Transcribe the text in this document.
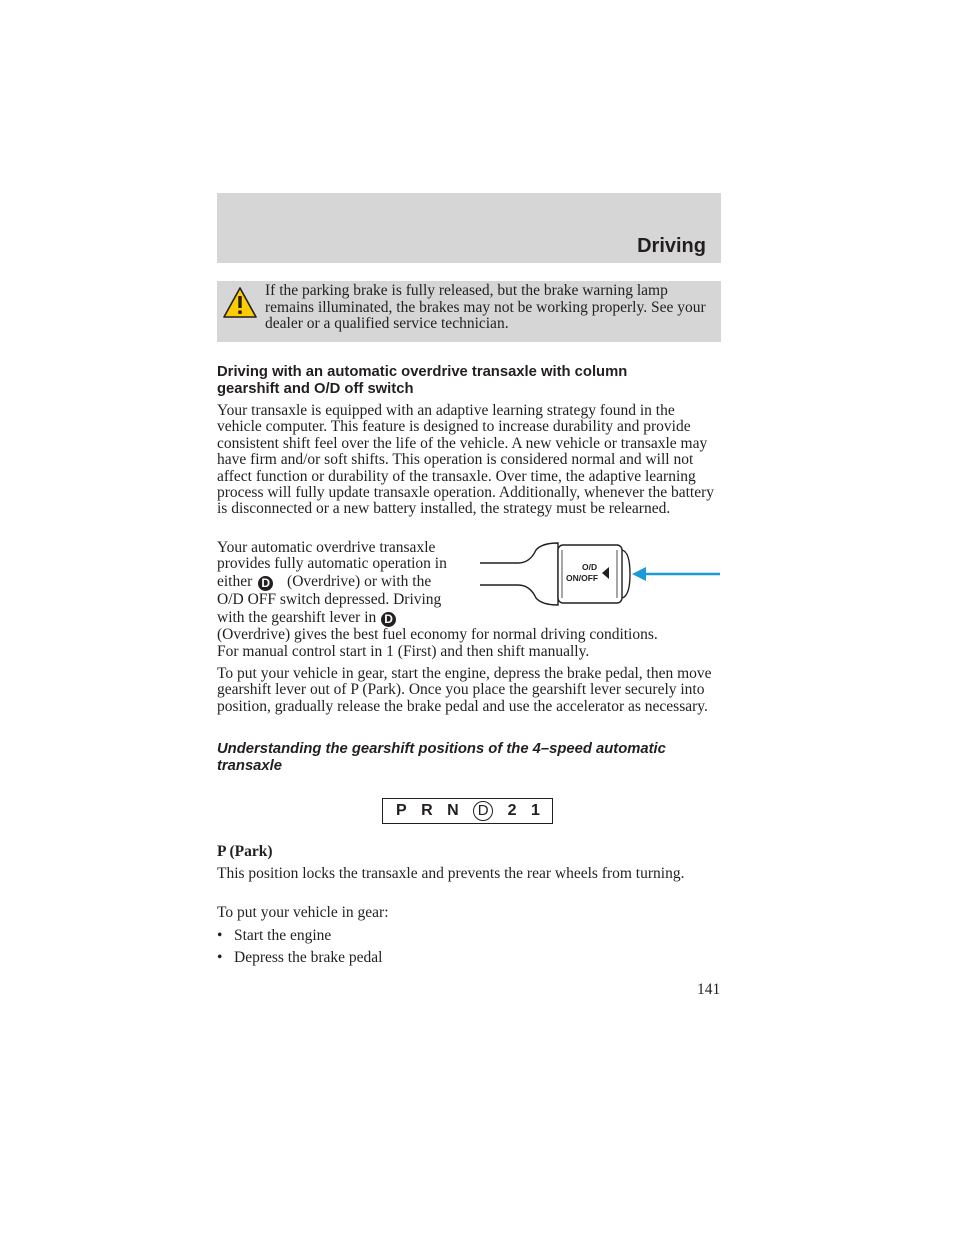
Driving
If the parking brake is fully released, but the brake warning lamp remains illuminated, the brakes may not be working properly. See your dealer or a qualified service technician.
Driving with an automatic overdrive transaxle with column
gearshift and O/D off switch
Your transaxle is equipped with an adaptive learning strategy found in the vehicle computer. This feature is designed to increase durability and provide consistent shift feel over the life of the vehicle. A new vehicle or transaxle may have firm and/or soft shifts. This operation is considered normal and will not affect function or durability of the transaxle. Over time, the adaptive learning process will fully update transaxle operation. Additionally, whenever the battery is disconnected or a new battery installed, the strategy must be relearned.
Your automatic overdrive transaxle
provides fully automatic operation in
either D (Overdrive) or with the
O/D OFF switch depressed. Driving
with the gearshift lever in D
(Overdrive) gives the best fuel economy for normal driving conditions.
For manual control start in 1 (First) and then shift manually.
O/D
ON/OFF
To put your vehicle in gear, start the engine, depress the brake pedal, then move gearshift lever out of P (Park). Once you place the gearshift lever securely into position, gradually release the brake pedal and use the accelerator as necessary.
Understanding the gearshift positions of the 4–speed automatic
transaxle
P R N	D 2 1
P (Park)
This position locks the transaxle and prevents the rear wheels from turning.
To put your vehicle in gear:
• Start the engine
• Depress the brake pedal
141
